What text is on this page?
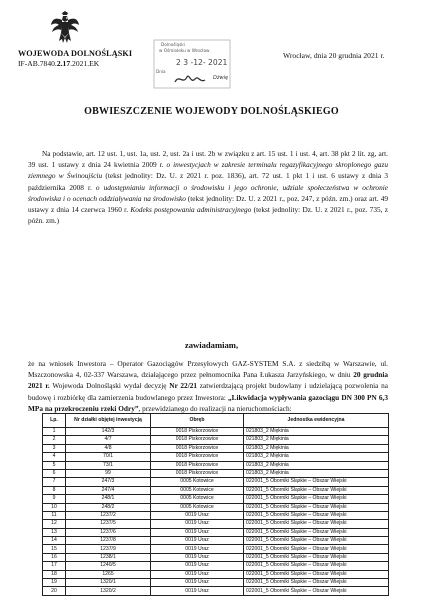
WOJEWODA DOLNOŚLĄSKI
IF-AB.7840.2.17.2021.EK
Wrocław, dnia 20 grudnia 2021 r.
Dolnośląski
w Ośmioleku w Wrocław
2 3 -12- 2021
Dnia
Dźwię
OBWIESZCZENIE WOJEWODY DOLNOŚLĄSKIEGO
Na podstawie, art. 12 ust. 1, ust. 1a, ust. 2, ust. 2a i ust. 2b w związku z art. 15 ust. 1 i ust. 4, art. 38 pkt 2 lit. zg, art. 39 ust. 1 ustawy z dnia 24 kwietnia 2009 r. o inwestycjach w zakresie terminalu regazyfikacyjnego skroplonego gazu ziemnego w Świnoujściu (tekst jednolity: Dz. U. z 2021 r. poz. 1836), art. 72 ust. 1 pkt 1 i ust. 6 ustawy z dnia 3 października 2008 r. o udostępnianiu informacji o środowisku i jego ochronie, udziale społeczeństwa w ochronie środowiska i o ocenach oddziaływania na środowisko (tekst jednolity: Dz. U. z 2021 r., poz. 247, z późn. zm.) oraz art. 49 ustawy z dnia 14 czerwca 1960 r. Kodeks postępowania administracyjnego (tekst jednolity: Dz. U. z 2021 r., poz. 735, z późn. zm.)
zawiadamiam,
że na wniosek Inwestora – Operator Gazociągów Przesyłowych GAZ-SYSTEM S.A. z siedzibą w Warszawie, ul. Mszczonowska 4, 02-337 Warszawa, działającego przez pełnomocnika Pana Łukasza Jarzyńskiego, w dniu 20 grudnia 2021 r. Wojewoda Dolnośląski wydał decyzję Nr 22/21 zatwierdzającą projekt budowlany i udzielającą pozwolenia na budowę i rozbiórkę dla zamierzenia budowlanego przez Inwestora: „Likwidacja wypływania gazociągu DN 300 PN 6,3 MPa na przekroczeniu rzeki Odry”, przewidzianego do realizacji na nieruchomościach:
Lp.	Nr działki objętej inwestycją	Obręb	Jednostka ewidencyjna
1	142/3	0018 Piskorzowice	021803_2 Miękinia
2	4/7	0018 Piskorzowice	021803_2 Miękinia
3	4/8	0018 Piskorzowice	021803_2 Miękinia
4	70/1	0018 Piskorzowice	021803_2 Miękinia
5	73/1	0018 Piskorzowice	021803_2 Miękinia
6	99	0018 Piskorzowice	021803_2 Miękinia
7	247/3	0005 Kotowice	022001_5 Oborniki Śląskie – Obszar Wiejski
8	247/4	0005 Kotowice	022001_5 Oborniki Śląskie – Obszar Wiejski
9	248/1	0005 Kotowice	022001_5 Oborniki Śląskie – Obszar Wiejski
10	248/2	0005 Kotowice	022001_5 Oborniki Śląskie – Obszar Wiejski
11	1237/2	0019 Uraz	022001_5 Oborniki Śląskie – Obszar Wiejski
12	1237/5	0019 Uraz	022001_5 Oborniki Śląskie – Obszar Wiejski
13	1237/6	0019 Uraz	022001_5 Oborniki Śląskie – Obszar Wiejski
14	1237/8	0019 Uraz	022001_5 Oborniki Śląskie – Obszar Wiejski
15	1237/9	0019 Uraz	022001_5 Oborniki Śląskie – Obszar Wiejski
16	1238/1	0019 Uraz	022001_5 Oborniki Śląskie – Obszar Wiejski
17	1240/5	0019 Uraz	022001_5 Oborniki Śląskie – Obszar Wiejski
18	1265	0019 Uraz	022001_5 Oborniki Śląskie – Obszar Wiejski
19	1320/1	0019 Uraz	022001_5 Oborniki Śląskie – Obszar Wiejski
20	1320/2	0019 Uraz	022001_5 Oborniki Śląskie – Obszar Wiejski
